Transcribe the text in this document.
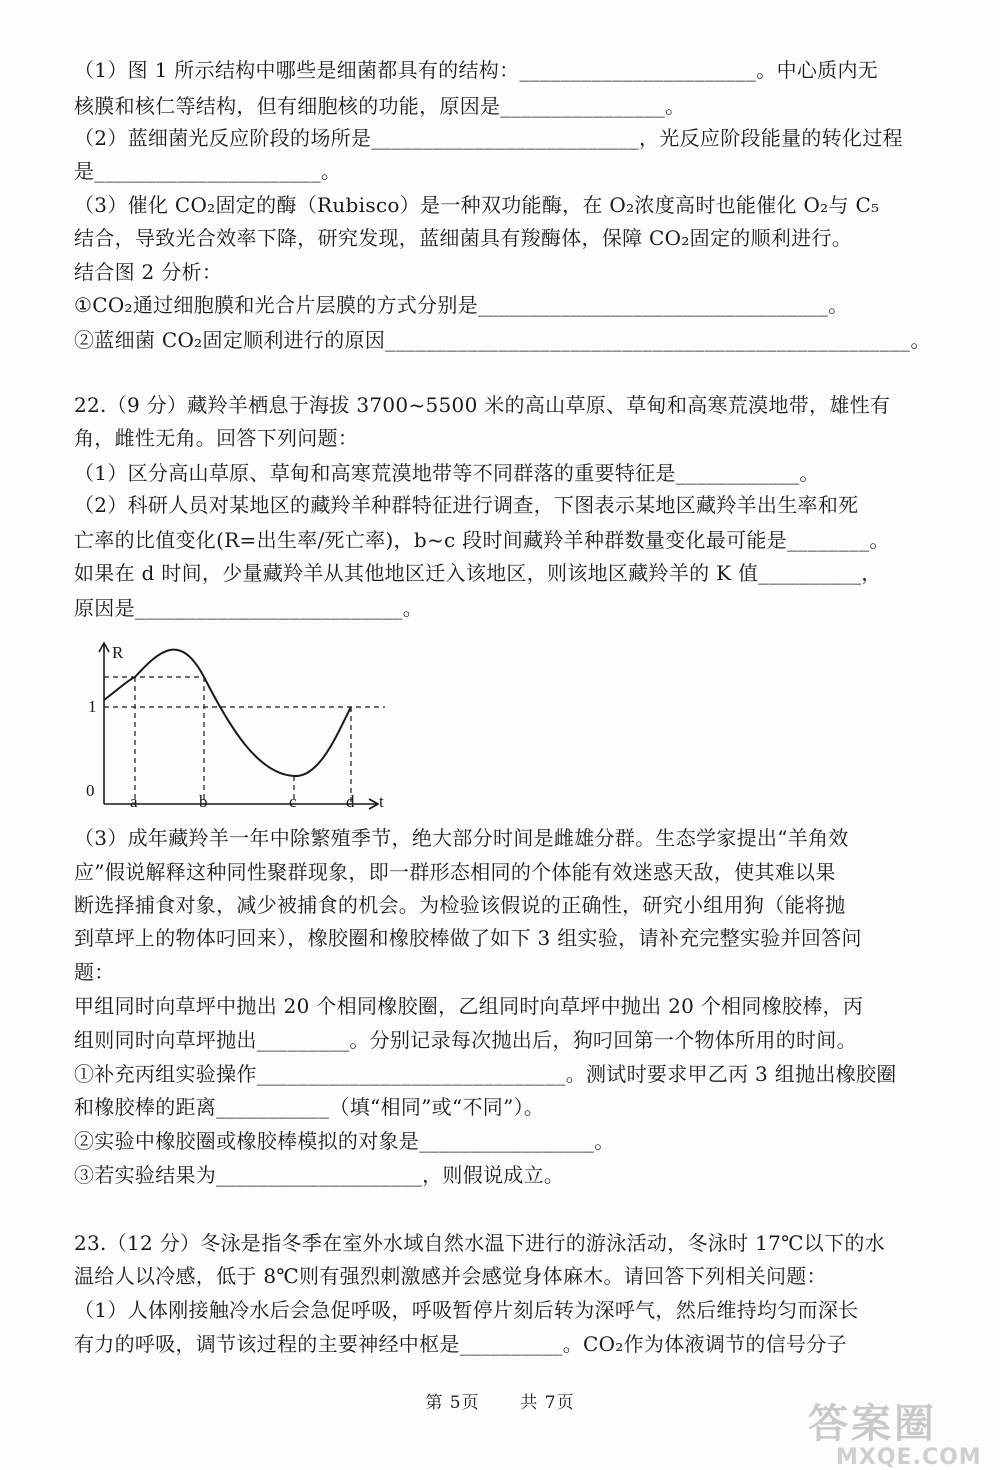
（1）图 1 所示结构中哪些是细菌都具有的结构：_______________________。中心质内无
核膜和核仁等结构，但有细胞核的功能，原因是________________。
（2）蓝细菌光反应阶段的场所是__________________________，光反应阶段能量的转化过程
是______________________。
（3）催化 CO₂固定的酶（Rubisco）是一种双功能酶，在 O₂浓度高时也能催化 O₂与 C₅
结合，导致光合效率下降，研究发现，蓝细菌具有羧酶体，保障 CO₂固定的顺利进行。
结合图 2 分析：
①CO₂通过细胞膜和光合片层膜的方式分别是__________________________________。
②蓝细菌 CO₂固定顺利进行的原因___________________________________________________。
22.（9 分）藏羚羊栖息于海拔 3700~5500 米的高山草原、草甸和高寒荒漠地带，雄性有
角，雌性无角。回答下列问题：
（1）区分高山草原、草甸和高寒荒漠地带等不同群落的重要特征是____________。
（2）科研人员对某地区的藏羚羊种群特征进行调查，下图表示某地区藏羚羊出生率和死
亡率的比值变化(R=出生率/死亡率)，b~c 段时间藏羚羊种群数量变化最可能是________。
如果在 d 时间，少量藏羚羊从其他地区迁入该地区，则该地区藏羚羊的 K 值__________，
原因是__________________________。
R
1
0
a	b	c	d t
（3）成年藏羚羊一年中除繁殖季节，绝大部分时间是雌雄分群。生态学家提出“羊角效
应”假说解释这种同性聚群现象，即一群形态相同的个体能有效迷惑天敌，使其难以果
断选择捕食对象，减少被捕食的机会。为检验该假说的正确性，研究小组用狗（能将抛
到草坪上的物体叼回来），橡胶圈和橡胶棒做了如下 3 组实验，请补充完整实验并回答问
题：
甲组同时向草坪中抛出 20 个相同橡胶圈，乙组同时向草坪中抛出 20 个相同橡胶棒，丙
组则同时向草坪抛出_________。分别记录每次抛出后，狗叼回第一个物体所用的时间。
①补充丙组实验操作______________________________。测试时要求甲乙丙 3 组抛出橡胶圈
和橡胶棒的距离___________（填“相同”或“不同”）。
②实验中橡胶圈或橡胶棒模拟的对象是_________________。
③若实验结果为____________________，则假说成立。
23.（12 分）冬泳是指冬季在室外水域自然水温下进行的游泳活动，冬泳时 17℃以下的水
温给人以冷感，低于 8℃则有强烈刺激感并会感觉身体麻木。请回答下列相关问题：
（1）人体刚接触冷水后会急促呼吸，呼吸暂停片刻后转为深呼气，然后维持均匀而深长
有力的呼吸，调节该过程的主要神经中枢是__________。CO₂作为体液调节的信号分子
第 5页 共 7页	答案圈
MXQE.COM
